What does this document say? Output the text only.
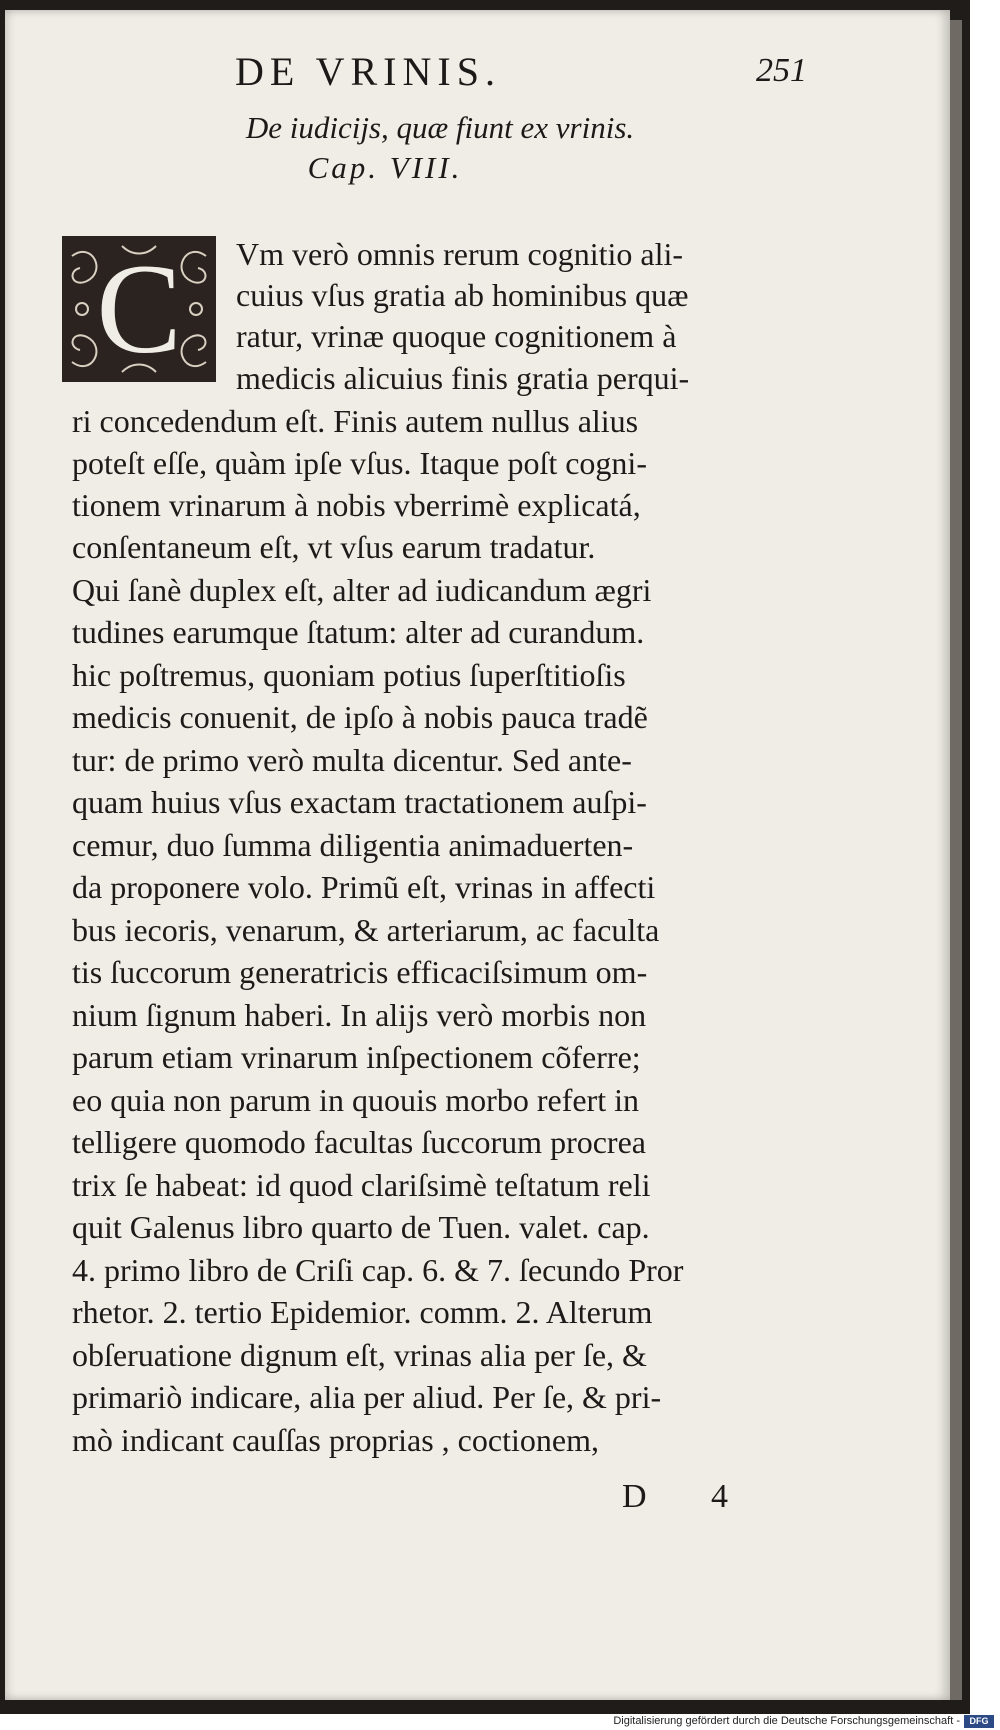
DE VRINIS.	251
De iudicijs, quæ fiunt ex vrinis.
Cap. VIII.
C Vm verò omnis rerum cognitio ali-
cuius vſus gratia ab hominibus quæ
ratur, vrinæ quoque cognitionem à
medicis alicuius finis gratia perqui-
ri concedendum eſt. Finis autem nullus alius
poteſt eſſe, quàm ipſe vſus. Itaque poſt cogni-
tionem vrinarum à nobis vberrimè explicatá,
conſentaneum eſt, vt vſus earum tradatur.
Qui ſanè duplex eſt, alter ad iudicandum ægri
tudines earumque ſtatum: alter ad curandum.
hic poſtremus, quoniam potius ſuperſtitioſis
medicis conuenit, de ipſo à nobis pauca tradẽ
tur: de primo verò multa dicentur. Sed ante-
quam huius vſus exactam tractationem auſpi-
cemur, duo ſumma diligentia animaduerten-
da proponere volo. Primũ eſt, vrinas in affecti
bus iecoris, venarum, & arteriarum, ac faculta
tis ſuccorum generatricis efficaciſsimum om-
nium ſignum haberi. In alijs verò morbis non
parum etiam vrinarum inſpectionem cõferre;
eo quia non parum in quouis morbo refert in
telligere quomodo facultas ſuccorum procrea
trix ſe habeat: id quod clariſsimè teſtatum reli
quit Galenus libro quarto de Tuen. valet. cap.
4. primo libro de Criſi cap. 6. & 7. ſecundo Pror
rhetor. 2. tertio Epidemior. comm. 2. Alterum
obſeruatione dignum eſt, vrinas alia per ſe, &
primariò indicare, alia per aliud. Per ſe, & pri-
mò indicant cauſſas proprias , coctionem,
D 4
Digitalisierung gefördert durch die Deutsche Forschungsgemeinschaft -	DFG
